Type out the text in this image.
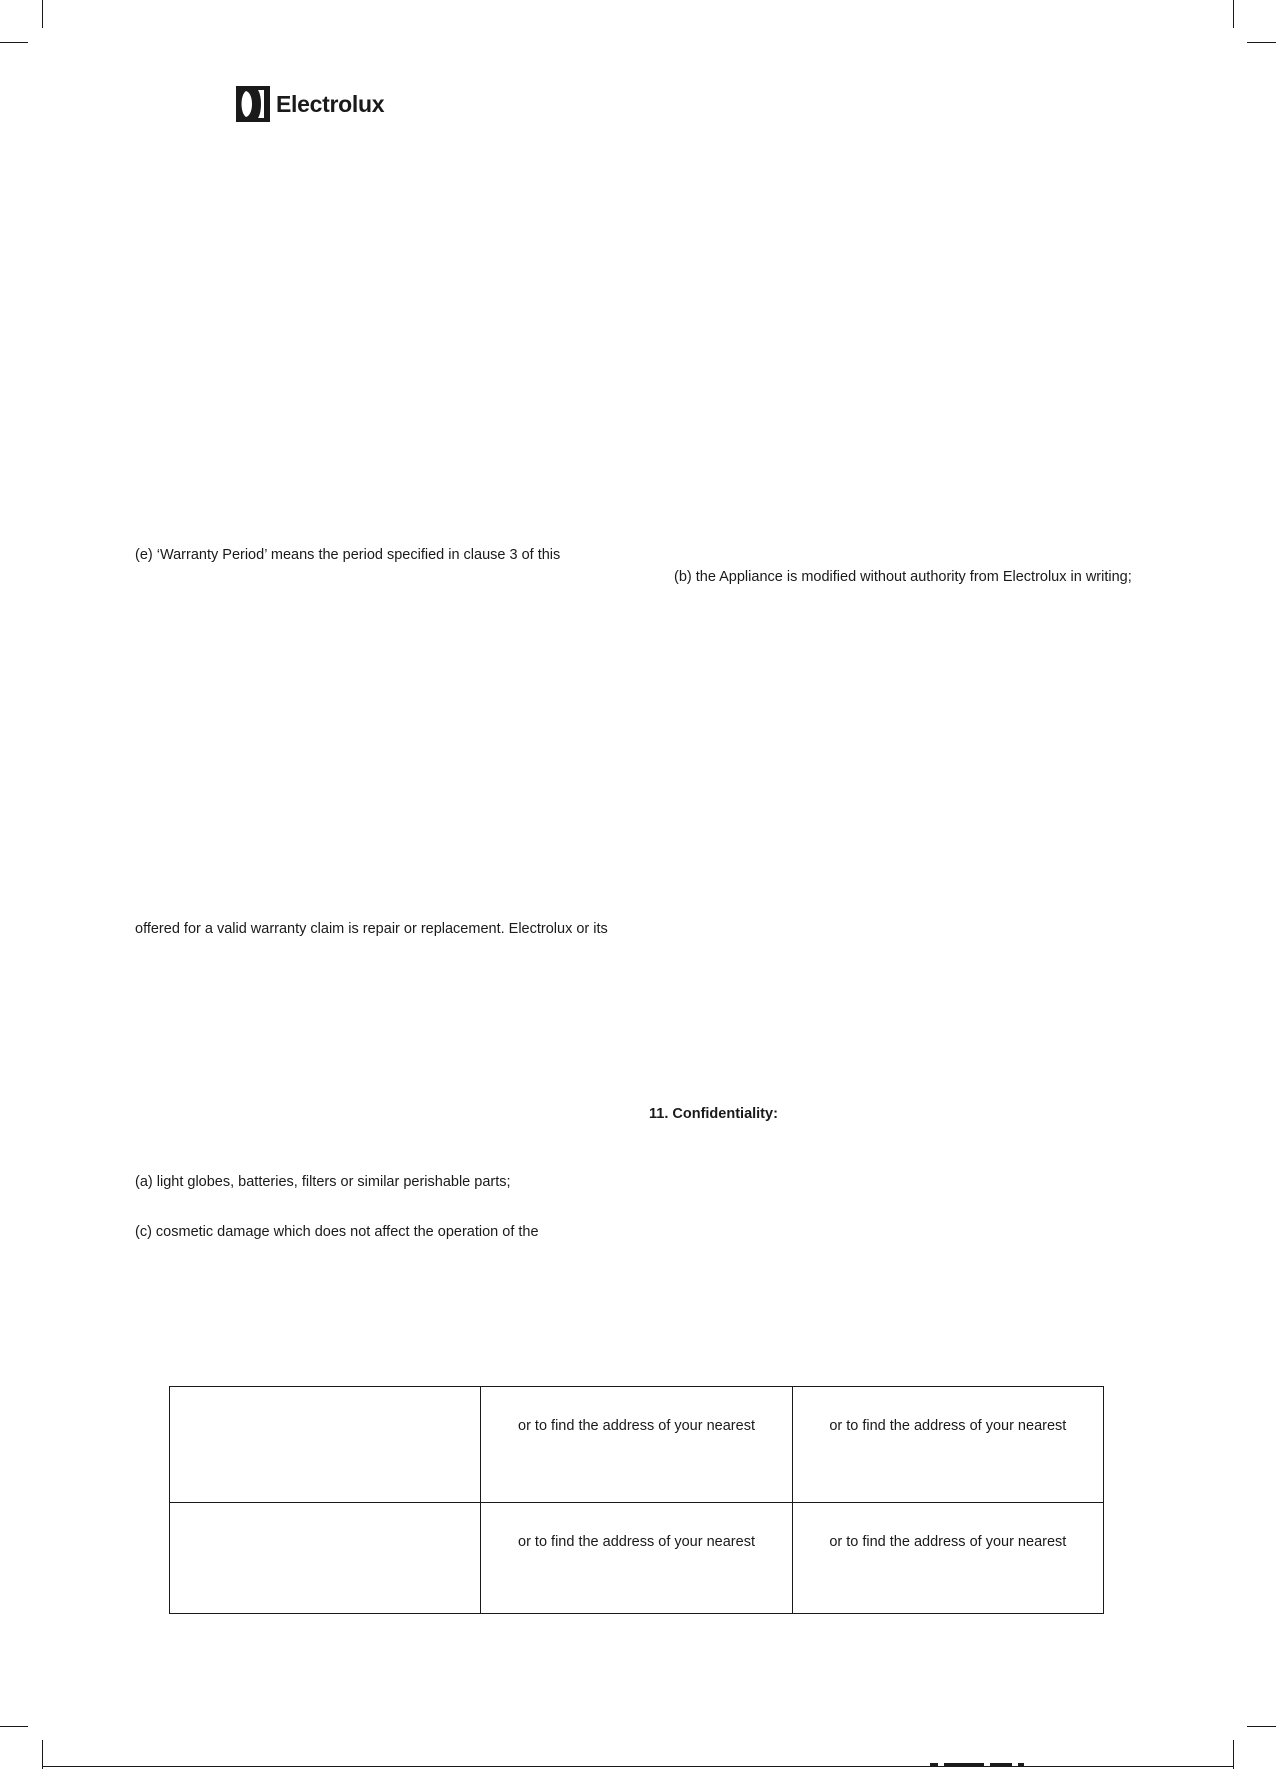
Electrolux
(e) ‘Warranty Period’ means the period specified in clause 3 of this
offered for a valid warranty claim is repair or replacement. Electrolux or its
(a) light globes, batteries, filters or similar perishable parts;
(c) cosmetic damage which does not affect the operation of the
(b) the Appliance is modified without authority from Electrolux in writing;
11. Confidentiality:
	or to find the address of your nearest	or to find the address of your nearest
	or to find the address of your nearest	or to find the address of your nearest
